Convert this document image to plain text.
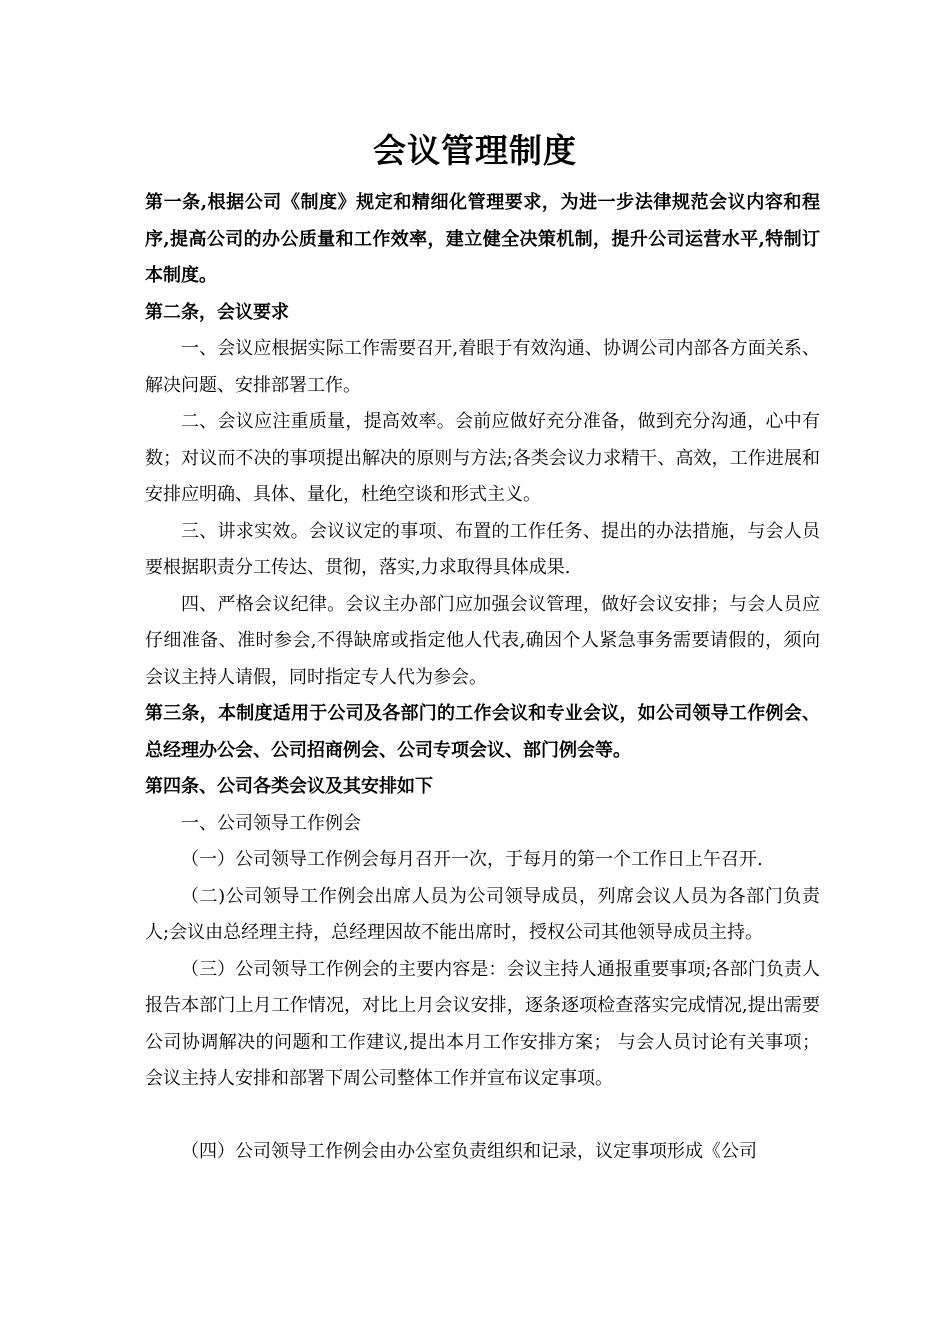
会议管理制度

第一条,根据公司《制度》规定和精细化管理要求，为进一步法律规范会议内容和程序,提高公司的办公质量和工作效率，建立健全决策机制，提升公司运营水平,特制订本制度。

第二条，会议要求

一、会议应根据实际工作需要召开,着眼于有效沟通、协调公司内部各方面关系、解决问题、安排部署工作。

二、会议应注重质量，提高效率。会前应做好充分准备，做到充分沟通，心中有数；对议而不决的事项提出解决的原则与方法;各类会议力求精干、高效，工作进展和安排应明确、具体、量化，杜绝空谈和形式主义。

三、讲求实效。会议议定的事项、布置的工作任务、提出的办法措施，与会人员要根据职责分工传达、贯彻，落实,力求取得具体成果.

四、严格会议纪律。会议主办部门应加强会议管理，做好会议安排；与会人员应仔细准备、准时参会,不得缺席或指定他人代表,确因个人紧急事务需要请假的，须向会议主持人请假，同时指定专人代为参会。

第三条，本制度适用于公司及各部门的工作会议和专业会议，如公司领导工作例会、总经理办公会、公司招商例会、公司专项会议、部门例会等。

第四条、公司各类会议及其安排如下

一、公司领导工作例会

（一）公司领导工作例会每月召开一次，于每月的第一个工作日上午召开.

（二)公司领导工作例会出席人员为公司领导成员，列席会议人员为各部门负责人;会议由总经理主持，总经理因故不能出席时，授权公司其他领导成员主持。

（三）公司领导工作例会的主要内容是：会议主持人通报重要事项;各部门负责人报告本部门上月工作情况，对比上月会议安排，逐条逐项检查落实完成情况,提出需要公司协调解决的问题和工作建议,提出本月工作安排方案； 与会人员讨论有关事项；会议主持人安排和部署下周公司整体工作并宣布议定事项。

（四）公司领导工作例会由办公室负责组织和记录，议定事项形成《公司
